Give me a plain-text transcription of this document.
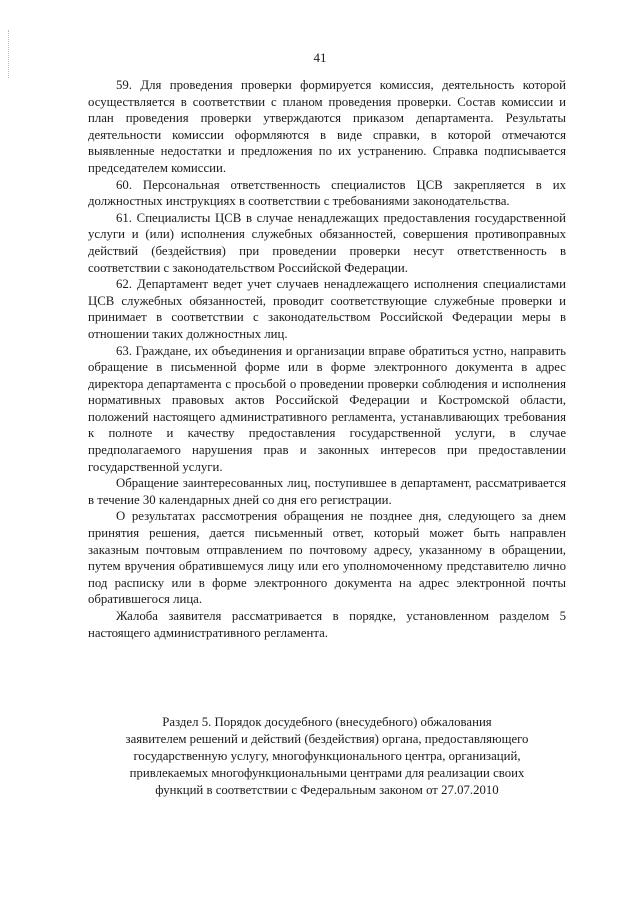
41

59. Для проведения проверки формируется комиссия, деятельность которой осуществляется в соответствии с планом проведения проверки. Состав комиссии и план проведения проверки утверждаются приказом департамента. Результаты деятельности комиссии оформляются в виде справки, в которой отмечаются выявленные недостатки и предложения по их устранению. Справка подписывается председателем комиссии.

60. Персональная ответственность специалистов ЦСВ закрепляется в их должностных инструкциях в соответствии с требованиями законодательства.

61. Специалисты ЦСВ в случае ненадлежащих предоставления государственной услуги и (или) исполнения служебных обязанностей, совершения противоправных действий (бездействия) при проведении проверки несут ответственность в соответствии с законодательством Российской Федерации.

62. Департамент ведет учет случаев ненадлежащего исполнения специалистами ЦСВ служебных обязанностей, проводит соответствующие служебные проверки и принимает в соответствии с законодательством Российской Федерации меры в отношении таких должностных лиц.

63. Граждане, их объединения и организации вправе обратиться устно, направить обращение в письменной форме или в форме электронного документа в адрес директора департамента с просьбой о проведении проверки соблюдения и исполнения нормативных правовых актов Российской Федерации и Костромской области, положений настоящего административного регламента, устанавливающих требования к полноте и качеству предоставления государственной услуги, в случае предполагаемого нарушения прав и законных интересов при предоставлении государственной услуги.

Обращение заинтересованных лиц, поступившее в департамент, рассматривается в течение 30 календарных дней со дня его регистрации.

О результатах рассмотрения обращения не позднее дня, следующего за днем принятия решения, дается письменный ответ, который может быть направлен заказным почтовым отправлением по почтовому адресу, указанному в обращении, путем вручения обратившемуся лицу или его уполномоченному представителю лично под расписку или в форме электронного документа на адрес электронной почты обратившегося лица.

Жалоба заявителя рассматривается в порядке, установленном разделом 5 настоящего административного регламента.

Раздел 5. Порядок досудебного (внесудебного) обжалования

заявителем решений и действий (бездействия) органа, предоставляющего

государственную услугу, многофункционального центра, организаций,

привлекаемых многофункциональными центрами для реализации своих

функций в соответствии с Федеральным законом от 27.07.2010
